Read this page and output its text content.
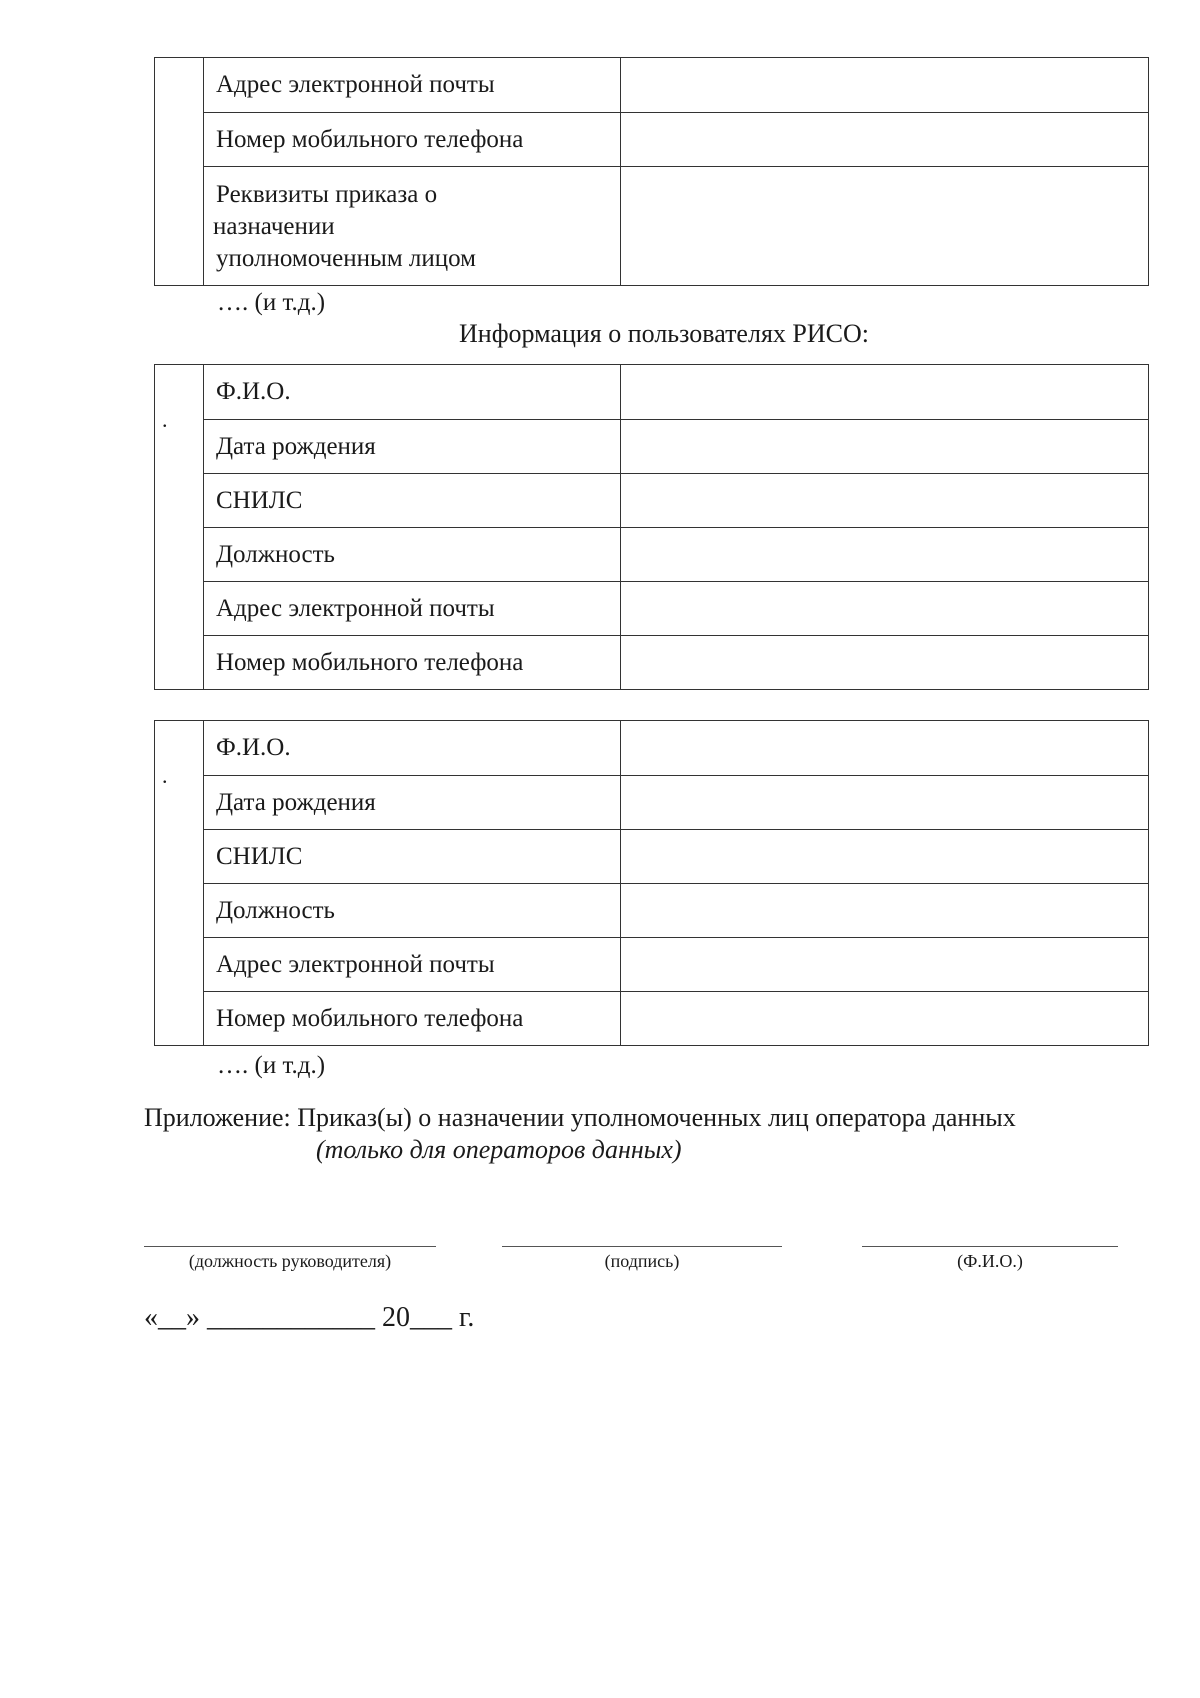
Адрес электронной почты
Номер мобильного телефона
Реквизиты приказа о
назначении
уполномоченным лицом
…. (и т.д.)
Информация о пользователях РИСО:
.
Ф.И.О.
Дата рождения
СНИЛС
Должность
Адрес электронной почты
Номер мобильного телефона
.
Ф.И.О.
Дата рождения
СНИЛС
Должность
Адрес электронной почты
Номер мобильного телефона
…. (и т.д.)
Приложение: Приказ(ы) о назначении уполномоченных лиц оператора данных
(только для операторов данных)
(должность руководителя)	(подпись)	(Ф.И.О.)
«__» ____________ 20___ г.
